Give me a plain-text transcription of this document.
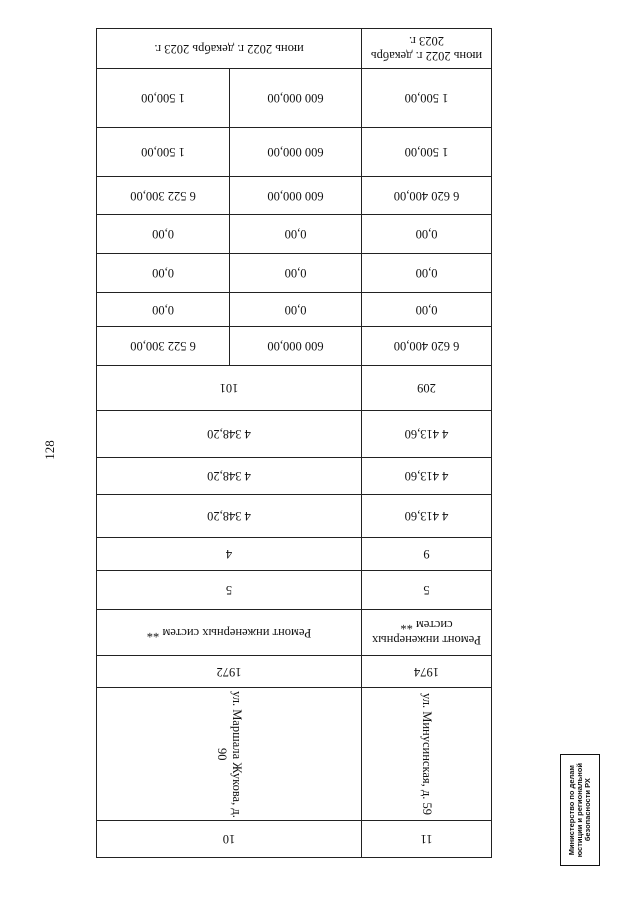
128
11
ул. Минусинская, д. 59
1974
Ремонт инженерных систем **
5
9
4 413,60
4 413,60
4 413,60
209
6 620 400,00
0,00
0,00
0,00
6 620 400,00
1 500,00
1 500,00
июнь 2022 г. декабрь 2023 г.
10
ул. Маршала Жукова, д. 90
1972
Ремонт инженерных систем **
5
4
4 348,20
4 348,20
4 348,20
101
600 000,00
6 522 300,00
0,00
0,00
0,00
0,00
0,00
0,00
600 000,00
6 522 300,00
600 000,00
1 500,00
600 000,00
1 500,00
июнь 2022 г. декабрь 2023 г.
Министерство по делам
юстиции и региональной
безопасности РХ
